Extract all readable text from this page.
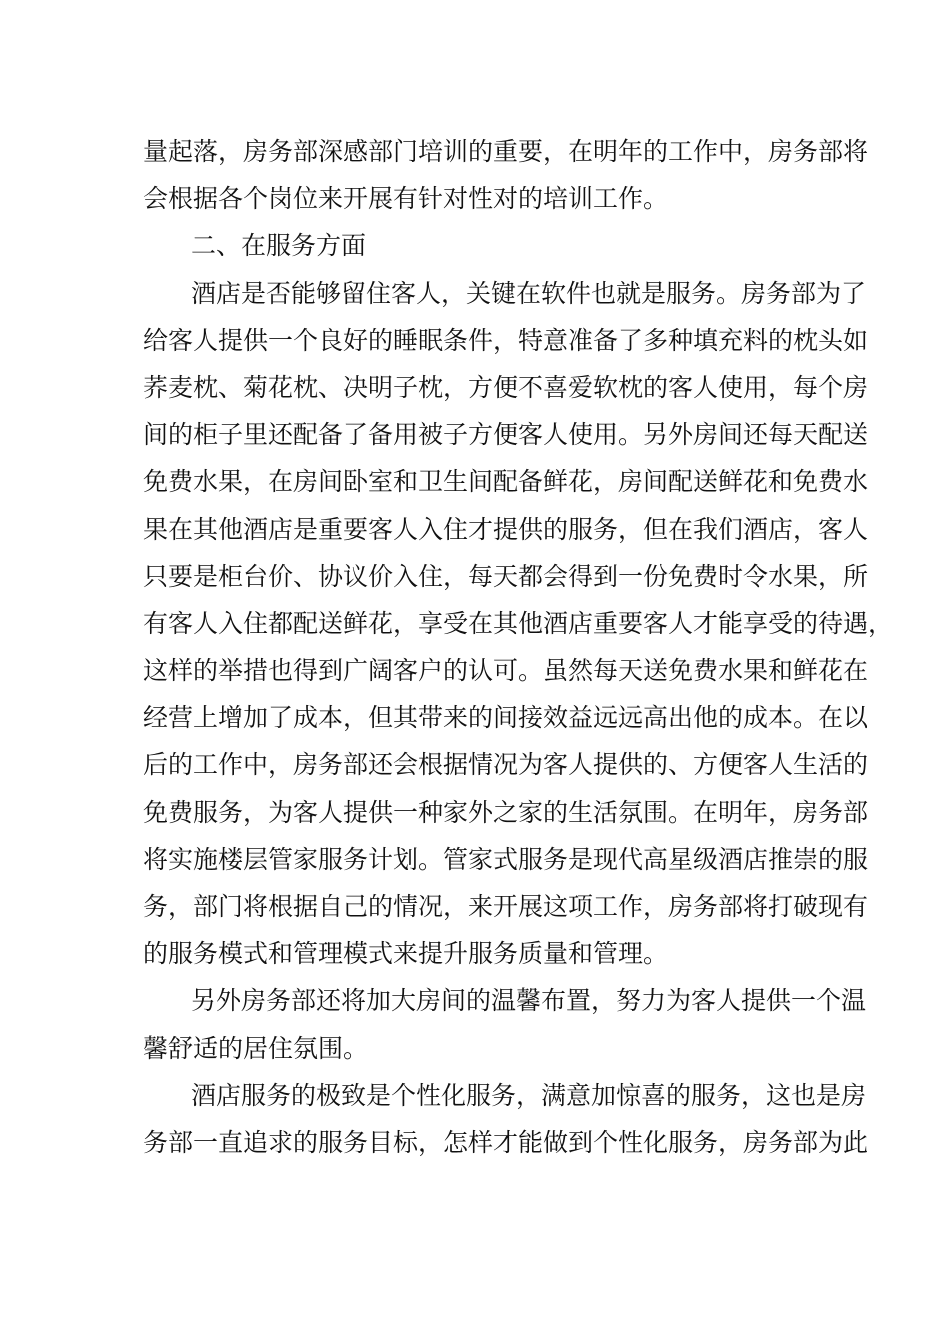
量起落，房务部深感部门培训的重要，在明年的工作中，房务部将
会根据各个岗位来开展有针对性对的培训工作。
二、在服务方面
酒店是否能够留住客人，关键在软件也就是服务。房务部为了
给客人提供一个良好的睡眠条件，特意准备了多种填充料的枕头如
荞麦枕、菊花枕、决明子枕，方便不喜爱软枕的客人使用，每个房
间的柜子里还配备了备用被子方便客人使用。另外房间还每天配送
免费水果，在房间卧室和卫生间配备鲜花，房间配送鲜花和免费水
果在其他酒店是重要客人入住才提供的服务，但在我们酒店，客人
只要是柜台价、协议价入住，每天都会得到一份免费时令水果，所
有客人入住都配送鲜花，享受在其他酒店重要客人才能享受的待遇，
这样的举措也得到广阔客户的认可。虽然每天送免费水果和鲜花在
经营上增加了成本，但其带来的间接效益远远高出他的成本。在以
后的工作中，房务部还会根据情况为客人提供的、方便客人生活的
免费服务，为客人提供一种家外之家的生活氛围。在明年，房务部
将实施楼层管家服务计划。管家式服务是现代高星级酒店推崇的服
务，部门将根据自己的情况，来开展这项工作，房务部将打破现有
的服务模式和管理模式来提升服务质量和管理。
另外房务部还将加大房间的温馨布置，努力为客人提供一个温
馨舒适的居住氛围。
酒店服务的极致是个性化服务，满意加惊喜的服务，这也是房
务部一直追求的服务目标，怎样才能做到个性化服务，房务部为此
